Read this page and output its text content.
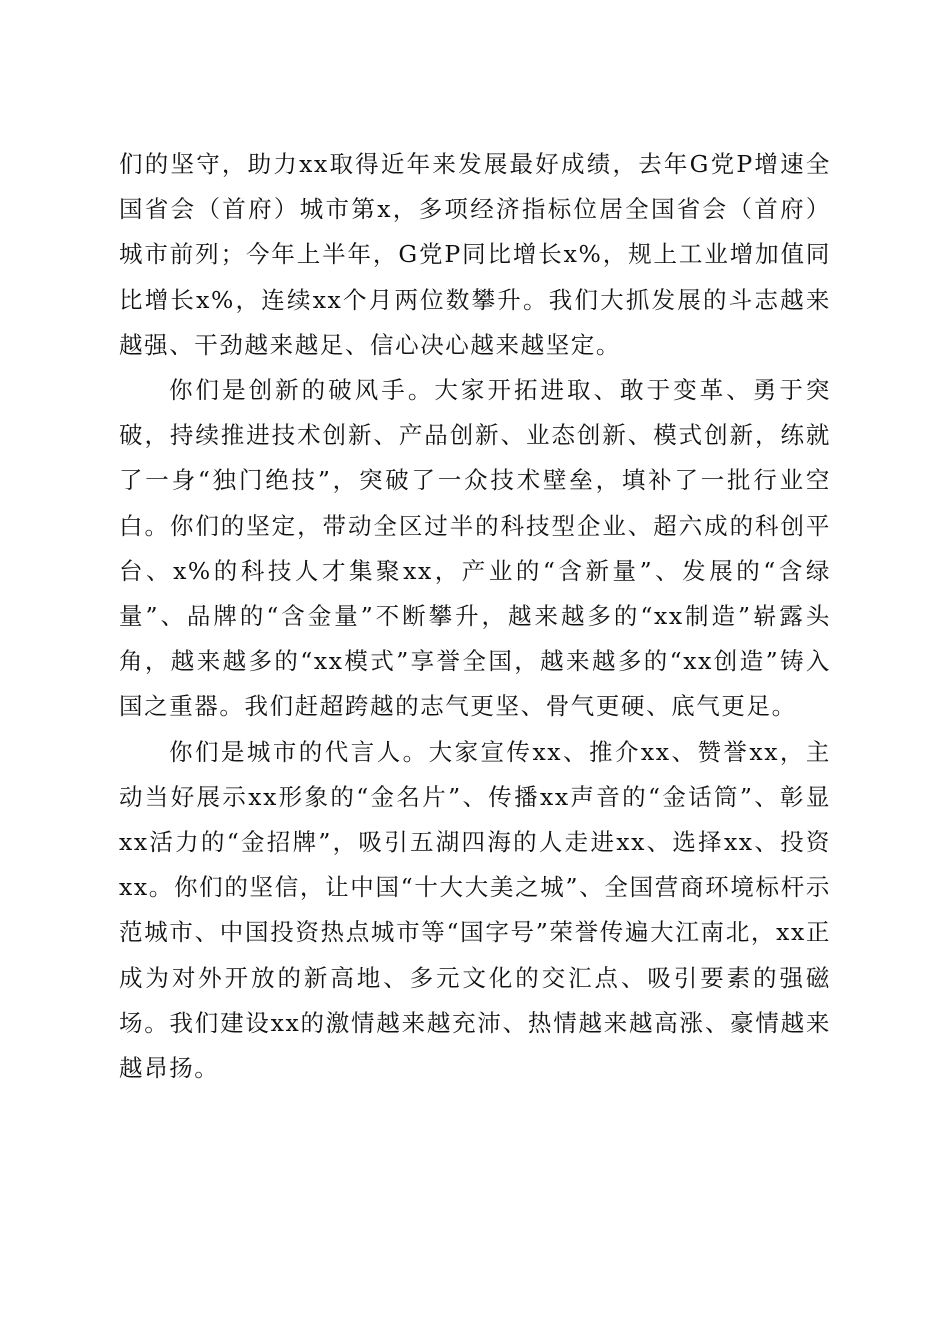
们的坚守，助力xx取得近年来发展最好成绩，去年G党P增速全国省会（首府）城市第x，多项经济指标位居全国省会（首府）城市前列；今年上半年，G党P同比增长x%，规上工业增加值同比增长x%，连续xx个月两位数攀升。我们大抓发展的斗志越来越强、干劲越来越足、信心决心越来越坚定。

你们是创新的破风手。大家开拓进取、敢于变革、勇于突破，持续推进技术创新、产品创新、业态创新、模式创新，练就了一身“独门绝技”，突破了一众技术壁垒，填补了一批行业空白。你们的坚定，带动全区过半的科技型企业、超六成的科创平台、x%的科技人才集聚xx，产业的“含新量”、发展的“含绿量”、品牌的“含金量”不断攀升，越来越多的“xx制造”崭露头角，越来越多的“xx模式”享誉全国，越来越多的“xx创造”铸入国之重器。我们赶超跨越的志气更坚、骨气更硬、底气更足。

你们是城市的代言人。大家宣传xx、推介xx、赞誉xx，主动当好展示xx形象的“金名片”、传播xx声音的“金话筒”、彰显xx活力的“金招牌”，吸引五湖四海的人走进xx、选择xx、投资xx。你们的坚信，让中国“十大大美之城”、全国营商环境标杆示范城市、中国投资热点城市等“国字号”荣誉传遍大江南北，xx正成为对外开放的新高地、多元文化的交汇点、吸引要素的强磁场。我们建设xx的激情越来越充沛、热情越来越高涨、豪情越来越昂扬。
